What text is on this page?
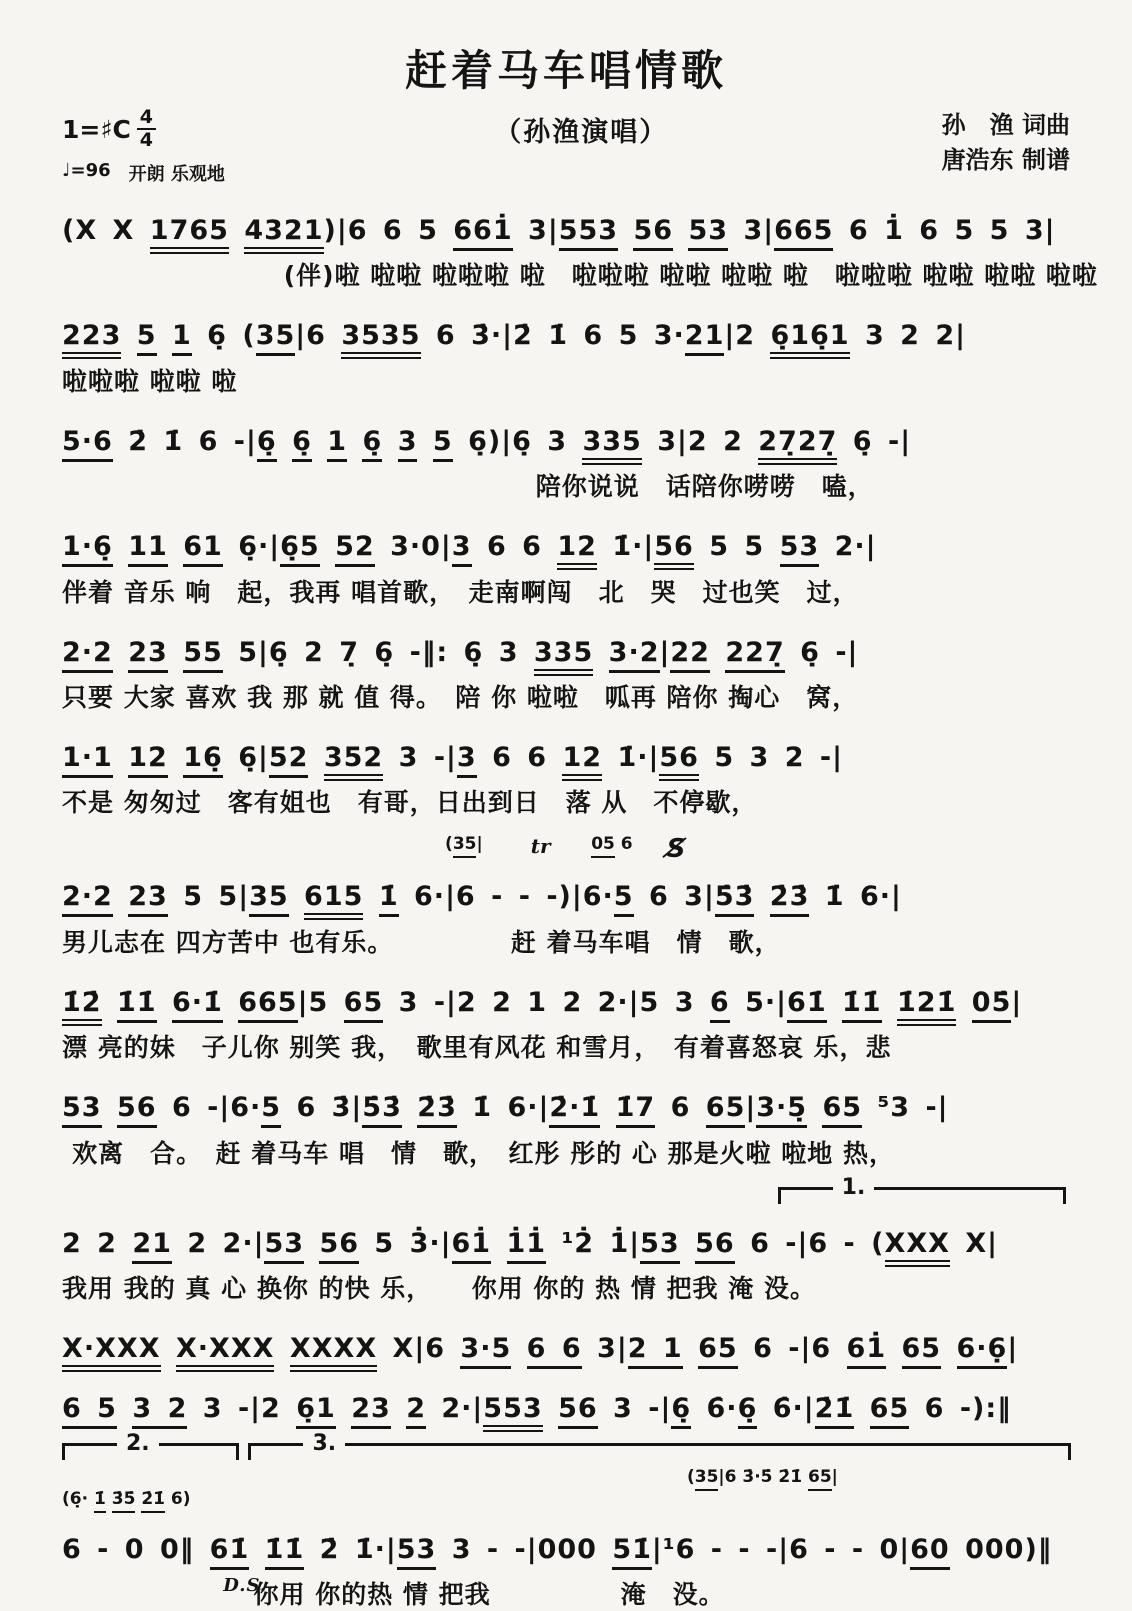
赶着马车唱情歌
1=♯C $\frac{4}{4}$
♩=96 开朗 乐观地
（孙渔演唱）	孙　渔 词曲
唐浩东 制谱
(X X 1765 4321)|6 6 5 661̇ 3|553 56 53 3|665 6 1̇ 6 5 5 3|
(伴)啦 啦啦 啦啦啦 啦　啦啦啦 啦啦 啦啦 啦　啦啦啦 啦啦 啦啦 啦啦
223 5 1 6̣ (35|6 3535 6 3̇·|2̇ 1̇ 6 5 3·21|2 6̣16̣1 3 2 2|
啦啦啦 啦啦 啦
5·6 2̇ 1̇ 6 -|6̣ 6̣ 1 6̣ 3 5 6̣)|6̣ 3 335 3|2 2 27̣27̣ 6̣ -|
陪你说说　话陪你唠唠　嗑，
1·6̣ 11 61 6̣·|6̣5 52 3·0|3 6 6 12 1̇·|56 5 5 53 2·|
伴着 音乐 响　起，我再 唱首歌，　走南啊闯　北　哭　过也笑　过，
2·2 23 55 5|6̣ 2 7̣ 6̣ -‖: 6̣ 3 335 3·2|22 227̣ 6̣ -|
只要 大家 喜欢 我 那 就 值 得。　陪 你 啦啦　呱再 陪你 掏心　窝，
1·1 12 16̣ 6̣|52 352 3 -|3 6 6 12 1̇·|56 5 3 2 -|
不是 匆匆过　客有姐也　有哥，日出到日　落 从　不停歇，
(35| tr 05 6 S̸
2·2 23 5 5|35 615 1̇ 6·|6 - - -)|6·5 6 3|5̇3̇ 2̇3̇ 1̇ 6·|
男儿志在 四方苦中 也有乐。　　　　　赶 着马车唱　情　歌，
1̇2̇ 1̇1̇ 6·1̇ 665|5 65 3 -|2 2 1 2 2·|5 3 6̇ 5·|61̇ 1̇1̇ 1̇21̇ 05̇|
漂 亮的妹　子儿你 别笑 我，　歌里有风花 和雪月，　有着喜怒哀 乐，悲
53 56 6 -|6·5 6 3̇|5̇3̇ 2̇3̇ 1̇ 6·|2̇·1̇ 1̇7 6 65|3·5̣ 65 ⁵3 -|
欢离　合。　赶 着马车 唱　情　歌，　红彤 彤的 心 那是火啦 啦地 热，
1.
2 2 21 2 2·|53 56 5 3̇·|61̇ 1̇1̇ ¹2̇ 1̇|53 56 6 -|6 - (XXX X|
我用 我的 真 心 换你 的快 乐，　　你用 你的 热 情 把我 淹 没。
X·XXX X·XXX XXXX X|6 3·5 6 6 3|2 1 65 6 -|6 61̇ 65 6·6̣|
6 5 3 2 3 -|2 6̣1 23 2 2·|553 56 3 -|6̣ 6̇·6̣ 6̇·|2̇1̇ 65 6 -):‖
2.	3.
(35|6 3̇·5̇ 2̇1̇ 65|
(6̣· 1̇ 3̇5̇ 2̇1̇ 6)
6 - 0 0‖ 61̇ 1̇1̇ 2̇ 1̇·|53 3 - -|000 51̇|¹6 - - -|6 - - 0|60 000)‖
你用 你的热 情 把我　　　　　淹　没。
D.S.
